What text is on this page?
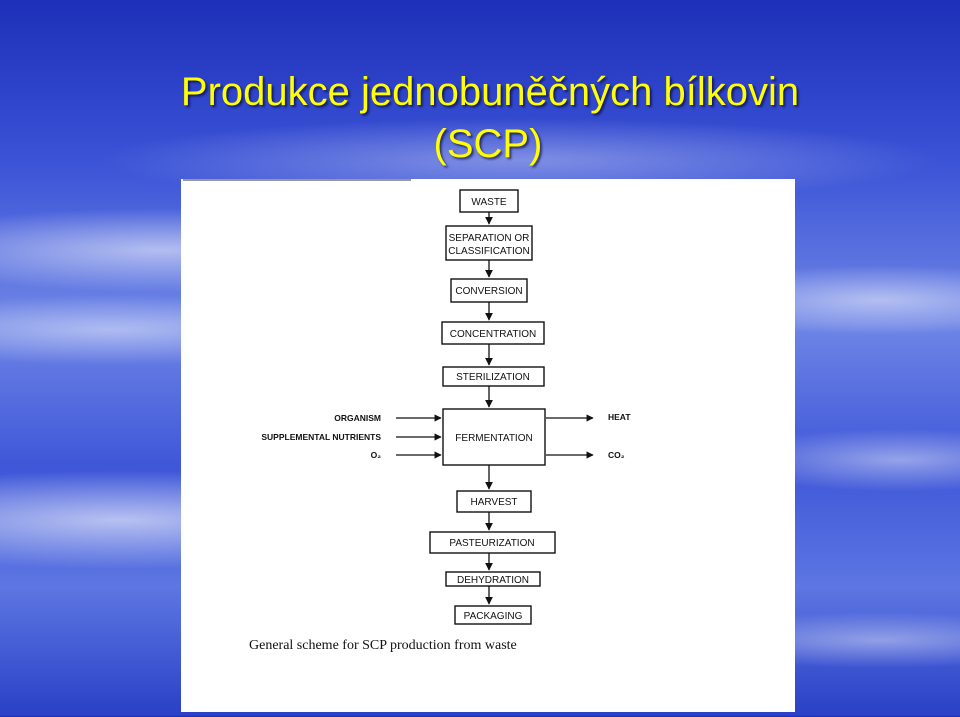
Produkce jednobuněčných bílkovin
(SCP)
WASTE
SEPARATION OR
CLASSIFICATION
CONVERSION
CONCENTRATION
STERILIZATION
FERMENTATION
HARVEST
PASTEURIZATION
DEHYDRATION
PACKAGING
ORGANISM
SUPPLEMENTAL NUTRIENTS
O₂
HEAT
CO₂
General scheme for SCP production from waste
